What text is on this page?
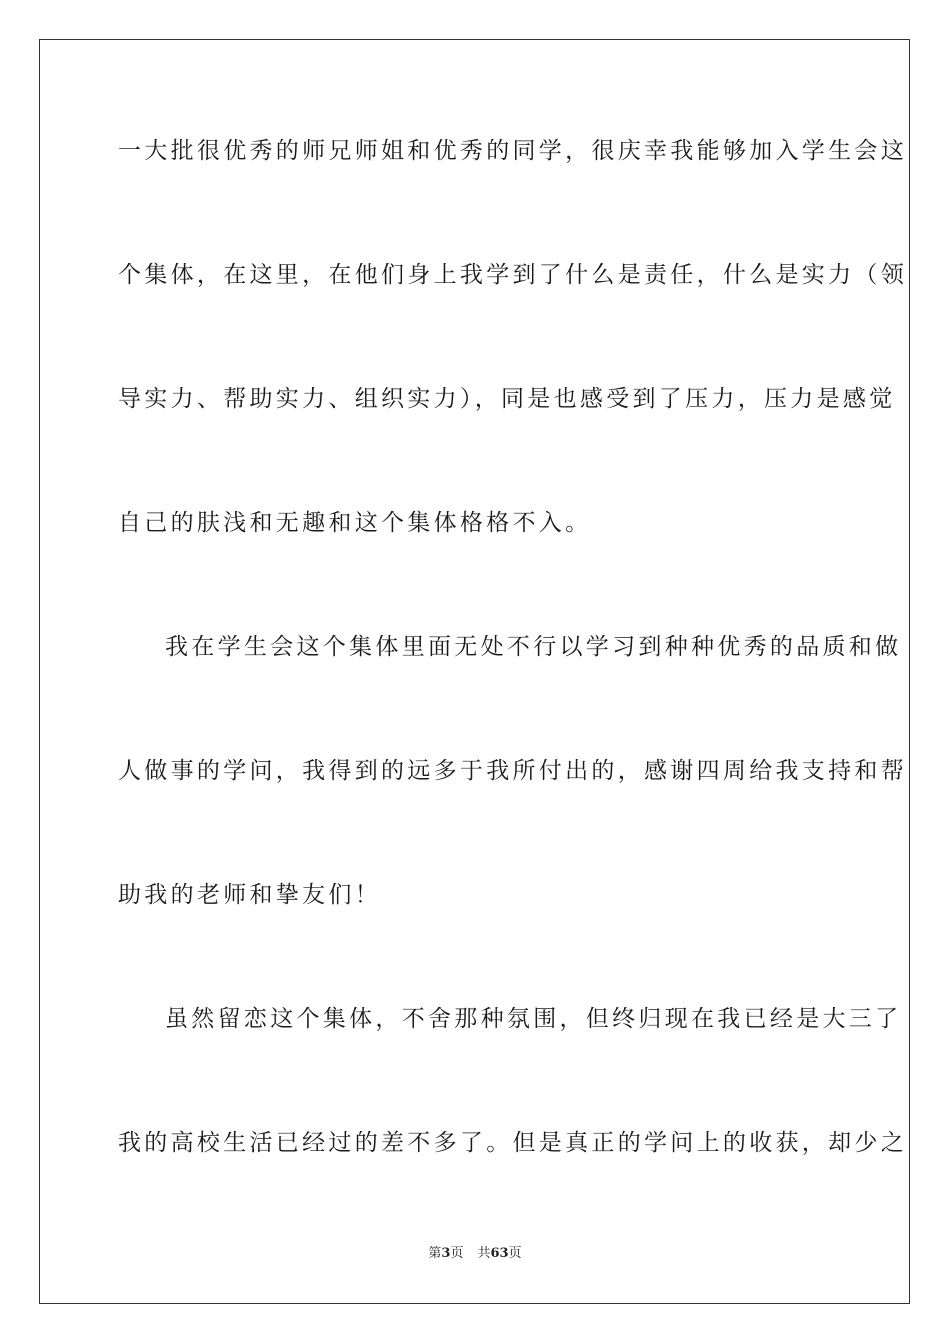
一大批很优秀的师兄师姐和优秀的同学，很庆幸我能够加入学生会这
个集体，在这里，在他们身上我学到了什么是责任，什么是实力（领
导实力、帮助实力、组织实力），同是也感受到了压力，压力是感觉
自己的肤浅和无趣和这个集体格格不入。
我在学生会这个集体里面无处不行以学习到种种优秀的品质和做
人做事的学问，我得到的远多于我所付出的，感谢四周给我支持和帮
助我的老师和挚友们！
虽然留恋这个集体，不舍那种氛围，但终归现在我已经是大三了
我的高校生活已经过的差不多了。但是真正的学问上的收获，却少之
第3页 共63页
